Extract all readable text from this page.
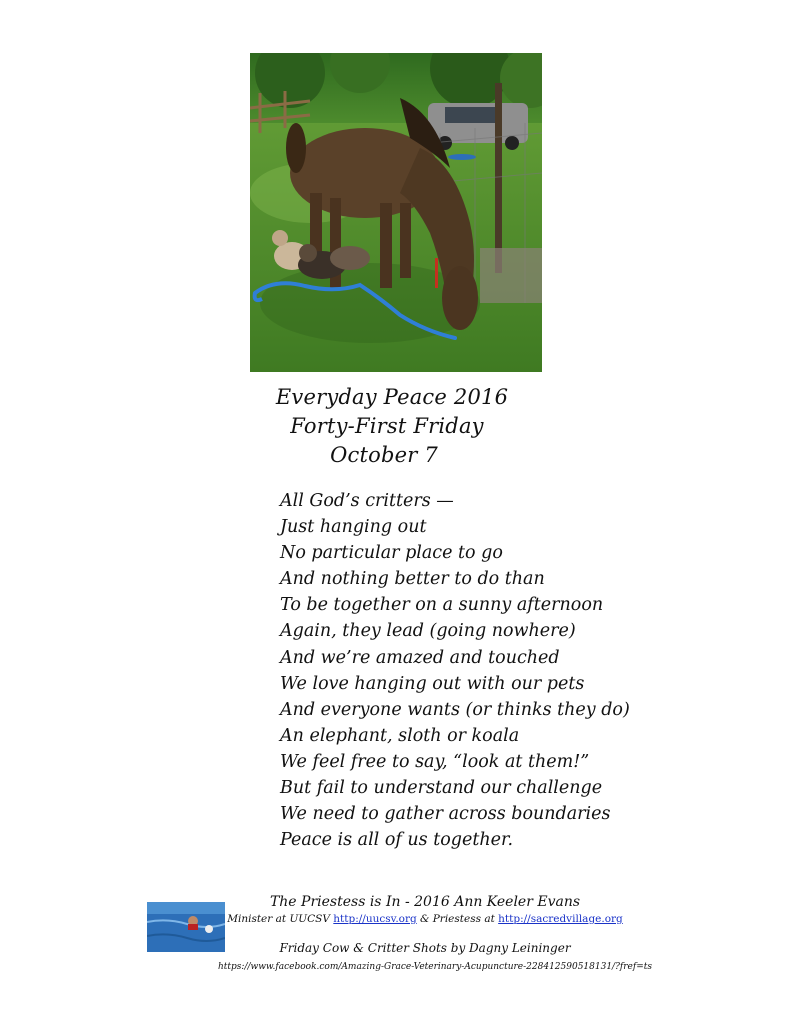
Everyday Peace 2016
Forty-First Friday
October 7
All God’s critters —
Just hanging out
No particular place to go
And nothing better to do than
To be together on a sunny afternoon
Again, they lead (going nowhere)
And we’re amazed and touched
We love hanging out with our pets
And everyone wants (or thinks they do)
An elephant, sloth or koala
We feel free to say, “look at them!”
But fail to understand our challenge
We need to gather across boundaries
Peace is all of us together.
The Priestess is In - 2016 Ann Keeler Evans
Minister at UUCSV http://uucsv.org & Priestess at http://sacredvillage.org
Friday Cow & Critter Shots by Dagny Leininger
https://www.facebook.com/Amazing-Grace-Veterinary-Acupuncture-228412590518131/?fref=ts
